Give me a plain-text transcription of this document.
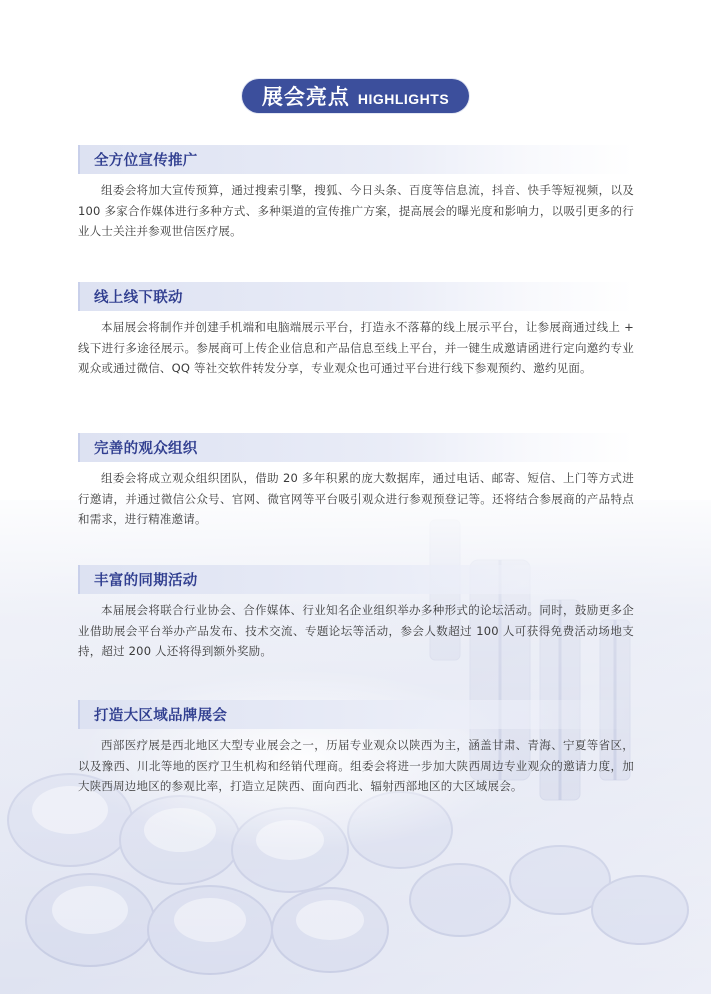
展会亮点 HIGHLIGHTS
全方位宣传推广
组委会将加大宣传预算，通过搜索引擎，搜狐、今日头条、百度等信息流，抖音、快手等短视频，以及 100 多家合作媒体进行多种方式、多种渠道的宣传推广方案，提高展会的曝光度和影响力，以吸引更多的行业人士关注并参观世信医疗展。
线上线下联动
本届展会将制作并创建手机端和电脑端展示平台，打造永不落幕的线上展示平台，让参展商通过线上 + 线下进行多途径展示。参展商可上传企业信息和产品信息至线上平台，并一键生成邀请函进行定向邀约专业观众或通过微信、QQ 等社交软件转发分享，专业观众也可通过平台进行线下参观预约、邀约见面。
完善的观众组织
组委会将成立观众组织团队，借助 20 多年积累的庞大数据库，通过电话、邮寄、短信、上门等方式进行邀请，并通过微信公众号、官网、微官网等平台吸引观众进行参观预登记等。还将结合参展商的产品特点和需求，进行精准邀请。
丰富的同期活动
本届展会将联合行业协会、合作媒体、行业知名企业组织举办多种形式的论坛活动。同时，鼓励更多企业借助展会平台举办产品发布、技术交流、专题论坛等活动，参会人数超过 100 人可获得免费活动场地支持，超过 200 人还将得到额外奖励。
打造大区域品牌展会
西部医疗展是西北地区大型专业展会之一，历届专业观众以陕西为主，涵盖甘肃、青海、宁夏等省区，以及豫西、川北等地的医疗卫生机构和经销代理商。组委会将进一步加大陕西周边专业观众的邀请力度，加大陕西周边地区的参观比率，打造立足陕西、面向西北、辐射西部地区的大区域展会。
